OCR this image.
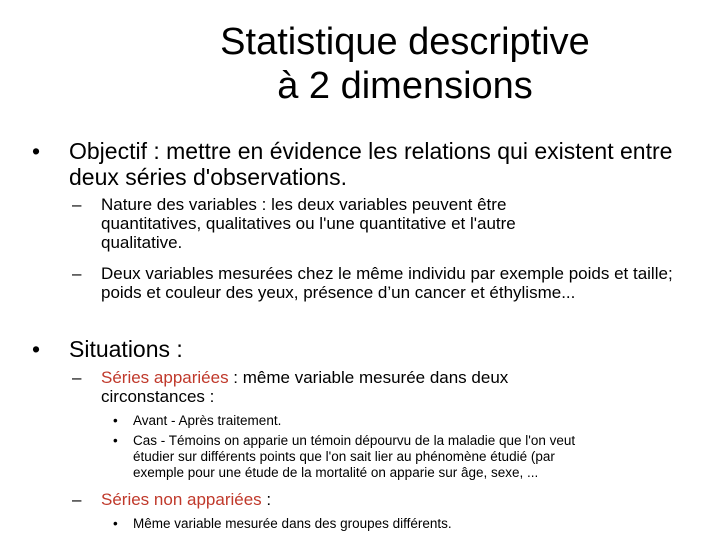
Statistique descriptive
à 2 dimensions
•	Objectif : mettre en évidence les relations qui existent entre deux séries d'observations.
–	Nature des variables : les deux variables peuvent être quantitatives, qualitatives ou l'une quantitative et l'autre qualitative.
–	Deux variables mesurées chez le même individu par exemple poids et taille; poids et couleur des yeux, présence d’un cancer et éthylisme...
•	Situations :
–	Séries appariées : même variable mesurée dans deux circonstances :
•	Avant - Après traitement.
•	Cas - Témoins on apparie un témoin dépourvu de la maladie que l'on veut étudier sur différents points que l'on sait lier au phénomène étudié (par exemple pour une étude de la mortalité on apparie sur âge, sexe, ...
–	Séries non appariées :
•	Même variable mesurée dans des groupes différents.
